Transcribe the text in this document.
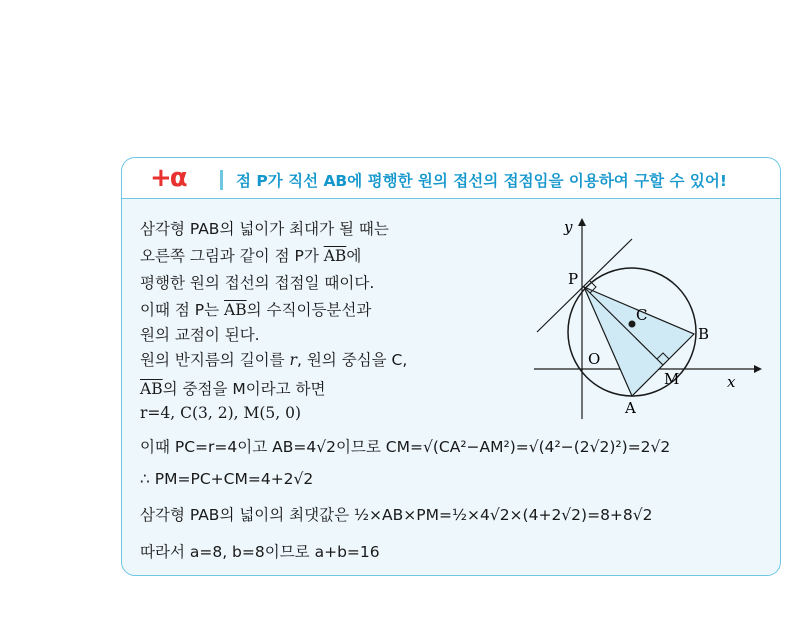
+α	점 P가 직선 AB에 평행한 원의 접선의 접점임을 이용하여 구할 수 있어!
삼각형 PAB의 넓이가 최대가 될 때는
오른쪽 그림과 같이 점 P가 $\overline{AB}$에
평행한 원의 접선의 접점일 때이다.
이때 점 P는 $\overline{AB}$의 수직이등분선과
원의 교점이 된다.
원의 반지름의 길이를 r, 원의 중심을 C,
$\overline{AB}$의 중점을 M이라고 하면
r=4, C(3, 2), M(5, 0)
이때 PC=r=4이고 AB=4√2이므로 CM=√(CA²−AM²)=√(4²−(2√2)²)=2√2
∴ PM=PC+CM=4+2√2
삼각형 PAB의 넓이의 최댓값은 ½×AB×PM=½×4√2×(4+2√2)=8+8√2
따라서 a=8, b=8이므로 a+b=16
x
y
C
P
B
O
M
A
